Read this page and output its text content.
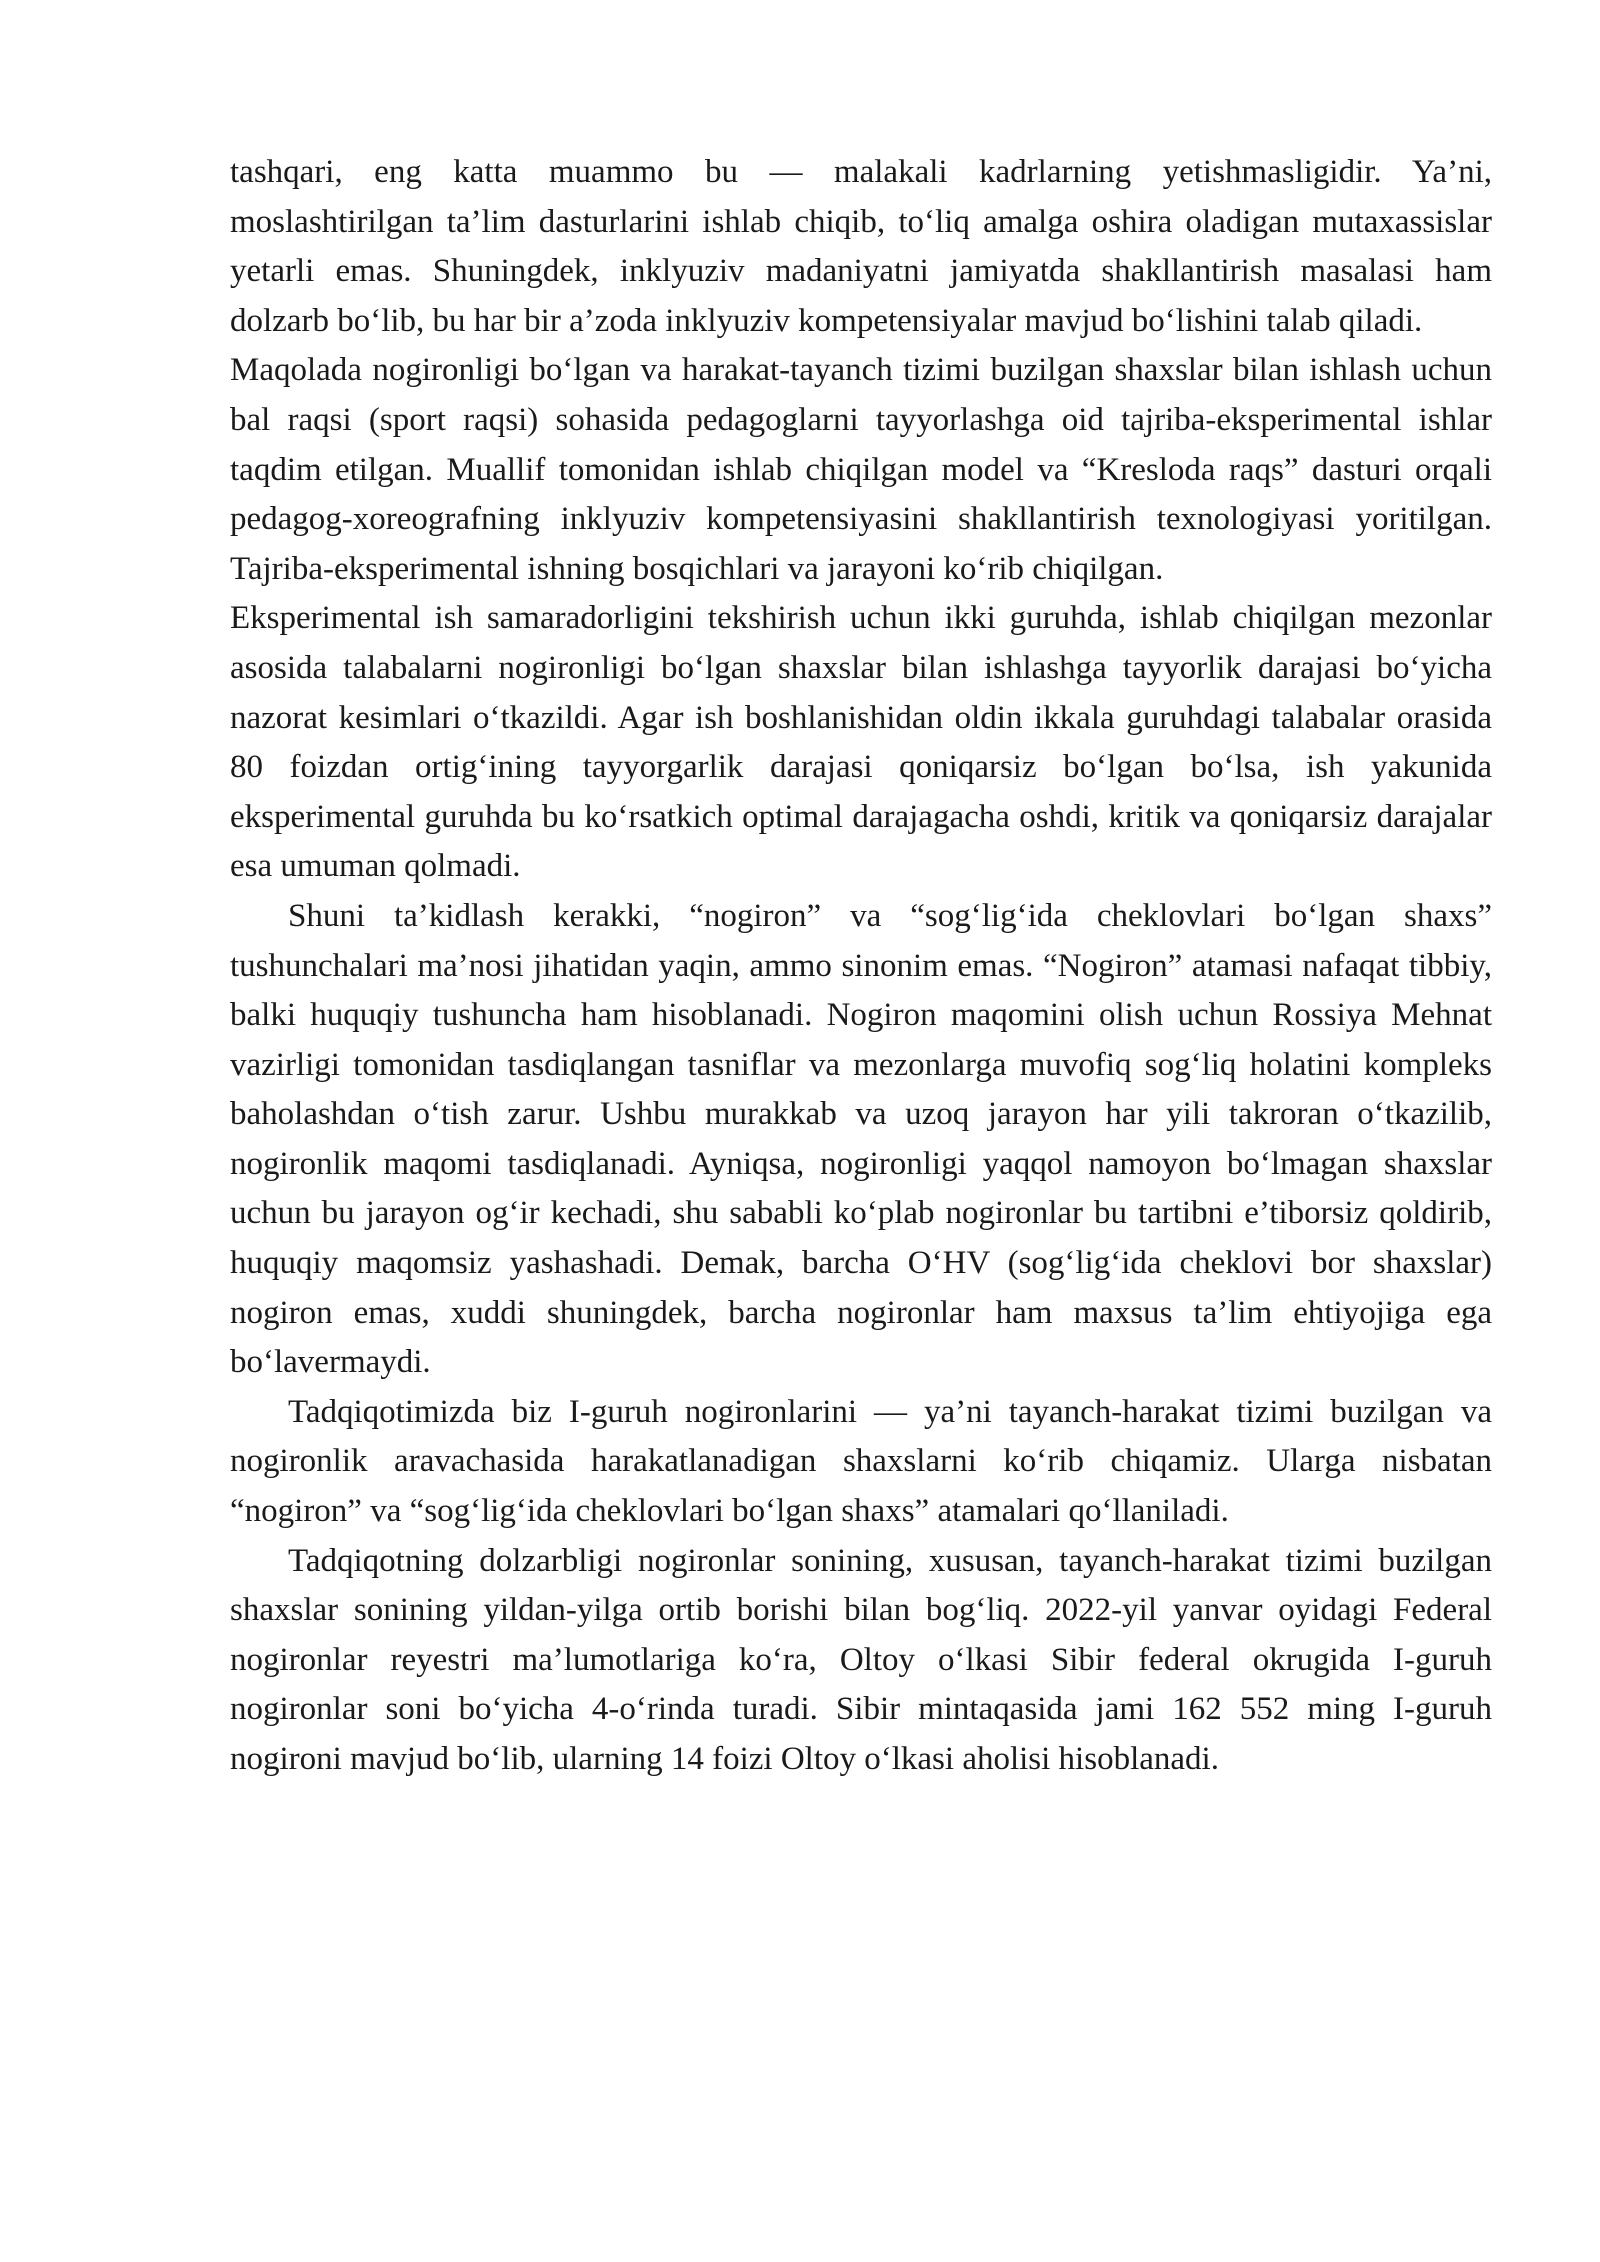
tashqari, eng katta muammo bu — malakali kadrlarning yetishmasligidir. Ya’ni, moslashtirilgan ta’lim dasturlarini ishlab chiqib, to‘liq amalga oshira oladigan mutaxassislar yetarli emas. Shuningdek, inklyuziv madaniyatni jamiyatda shakllantirish masalasi ham dolzarb bo‘lib, bu har bir a’zoda inklyuziv kompetensiyalar mavjud bo‘lishini talab qiladi.

Maqolada nogironligi bo‘lgan va harakat-tayanch tizimi buzilgan shaxslar bilan ishlash uchun bal raqsi (sport raqsi) sohasida pedagoglarni tayyorlashga oid tajriba-eksperimental ishlar taqdim etilgan. Muallif tomonidan ishlab chiqilgan model va “Kresloda raqs” dasturi orqali pedagog-xoreografning inklyuziv kompetensiyasini shakllantirish texnologiyasi yoritilgan. Tajriba-eksperimental ishning bosqichlari va jarayoni ko‘rib chiqilgan.

Eksperimental ish samaradorligini tekshirish uchun ikki guruhda, ishlab chiqilgan mezonlar asosida talabalarni nogironligi bo‘lgan shaxslar bilan ishlashga tayyorlik darajasi bo‘yicha nazorat kesimlari o‘tkazildi. Agar ish boshlanishidan oldin ikkala guruhdagi talabalar orasida 80 foizdan ortig‘ining tayyorgarlik darajasi qoniqarsiz bo‘lgan bo‘lsa, ish yakunida eksperimental guruhda bu ko‘rsatkich optimal darajagacha oshdi, kritik va qoniqarsiz darajalar esa umuman qolmadi.

Shuni ta’kidlash kerakki, “nogiron” va “sog‘lig‘ida cheklovlari bo‘lgan shaxs” tushunchalari ma’nosi jihatidan yaqin, ammo sinonim emas. “Nogiron” atamasi nafaqat tibbiy, balki huquqiy tushuncha ham hisoblanadi. Nogiron maqomini olish uchun Rossiya Mehnat vazirligi tomonidan tasdiqlangan tasniflar va mezonlarga muvofiq sog‘liq holatini kompleks baholashdan o‘tish zarur. Ushbu murakkab va uzoq jarayon har yili takroran o‘tkazilib, nogironlik maqomi tasdiqlanadi. Ayniqsa, nogironligi yaqqol namoyon bo‘lmagan shaxslar uchun bu jarayon og‘ir kechadi, shu sababli ko‘plab nogironlar bu tartibni e’tiborsiz qoldirib, huquqiy maqomsiz yashashadi. Demak, barcha O‘HV (sog‘lig‘ida cheklovi bor shaxslar) nogiron emas, xuddi shuningdek, barcha nogironlar ham maxsus ta’lim ehtiyojiga ega bo‘lavermaydi.

Tadqiqotimizda biz I-guruh nogironlarini — ya’ni tayanch-harakat tizimi buzilgan va nogironlik aravachasida harakatlanadigan shaxslarni ko‘rib chiqamiz. Ularga nisbatan “nogiron” va “sog‘lig‘ida cheklovlari bo‘lgan shaxs” atamalari qo‘llaniladi.

Tadqiqotning dolzarbligi nogironlar sonining, xususan, tayanch-harakat tizimi buzilgan shaxslar sonining yildan-yilga ortib borishi bilan bog‘liq. 2022-yil yanvar oyidagi Federal nogironlar reyestri ma’lumotlariga ko‘ra, Oltoy o‘lkasi Sibir federal okrugida I-guruh nogironlar soni bo‘yicha 4-o‘rinda turadi. Sibir mintaqasida jami 162 552 ming I-guruh nogironi mavjud bo‘lib, ularning 14 foizi Oltoy o‘lkasi aholisi hisoblanadi.
